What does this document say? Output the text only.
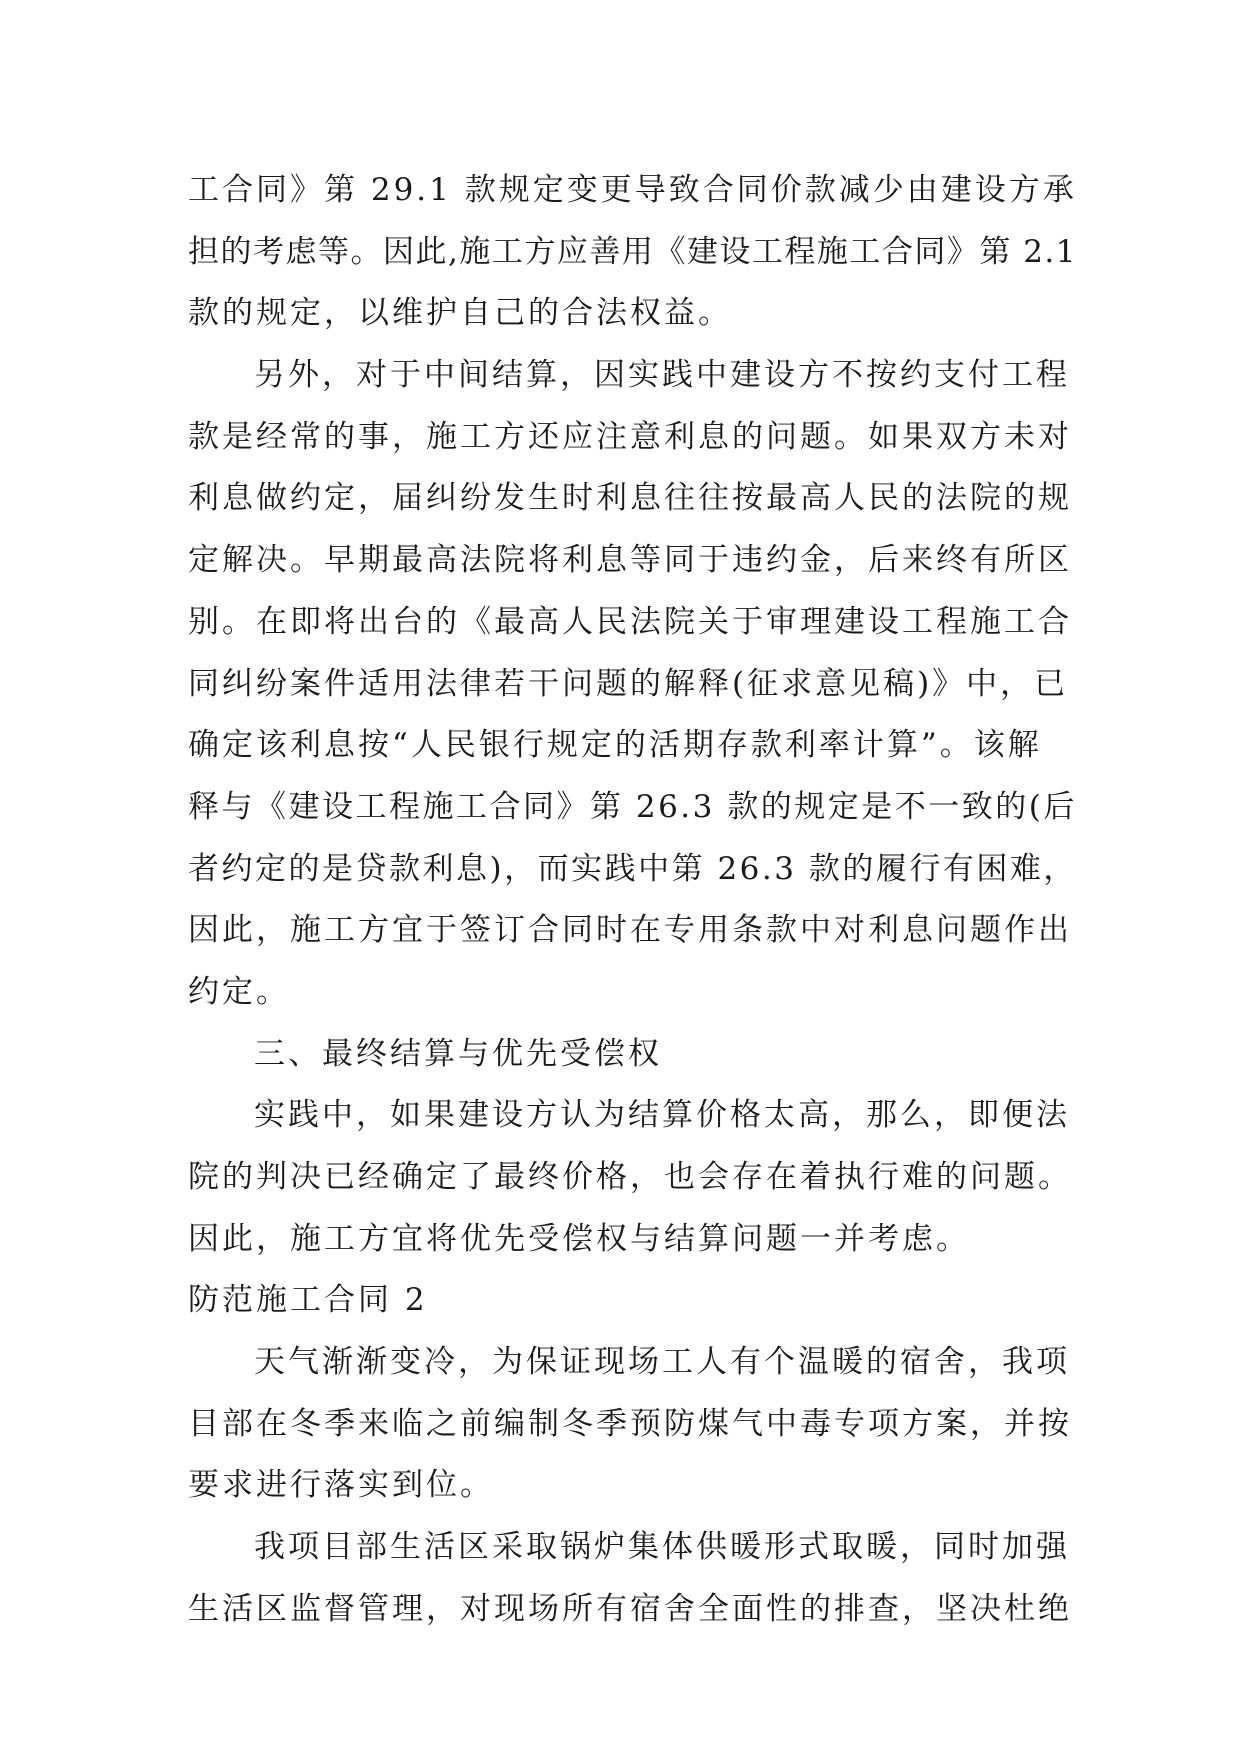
工合同》第 29.1 款规定变更导致合同价款减少由建设方承
担的考虑等。因此,施工方应善用《建设工程施工合同》第 2.1
款的规定，以维护自己的合法权益。
另外，对于中间结算，因实践中建设方不按约支付工程
款是经常的事，施工方还应注意利息的问题。如果双方未对
利息做约定，届纠纷发生时利息往往按最高人民的法院的规
定解决。早期最高法院将利息等同于违约金，后来终有所区
别。在即将出台的《最高人民法院关于审理建设工程施工合
同纠纷案件适用法律若干问题的解释(征求意见稿)》中，已
确定该利息按“人民银行规定的活期存款利率计算”。该解
释与《建设工程施工合同》第 26.3 款的规定是不一致的(后
者约定的是贷款利息)，而实践中第 26.3 款的履行有困难，
因此，施工方宜于签订合同时在专用条款中对利息问题作出
约定。
三、最终结算与优先受偿权
实践中，如果建设方认为结算价格太高，那么，即便法
院的判决已经确定了最终价格，也会存在着执行难的问题。
因此，施工方宜将优先受偿权与结算问题一并考虑。
防范施工合同 2
天气渐渐变冷，为保证现场工人有个温暖的宿舍，我项
目部在冬季来临之前编制冬季预防煤气中毒专项方案，并按
要求进行落实到位。
我项目部生活区采取锅炉集体供暖形式取暖，同时加强
生活区监督管理，对现场所有宿舍全面性的排查，坚决杜绝
